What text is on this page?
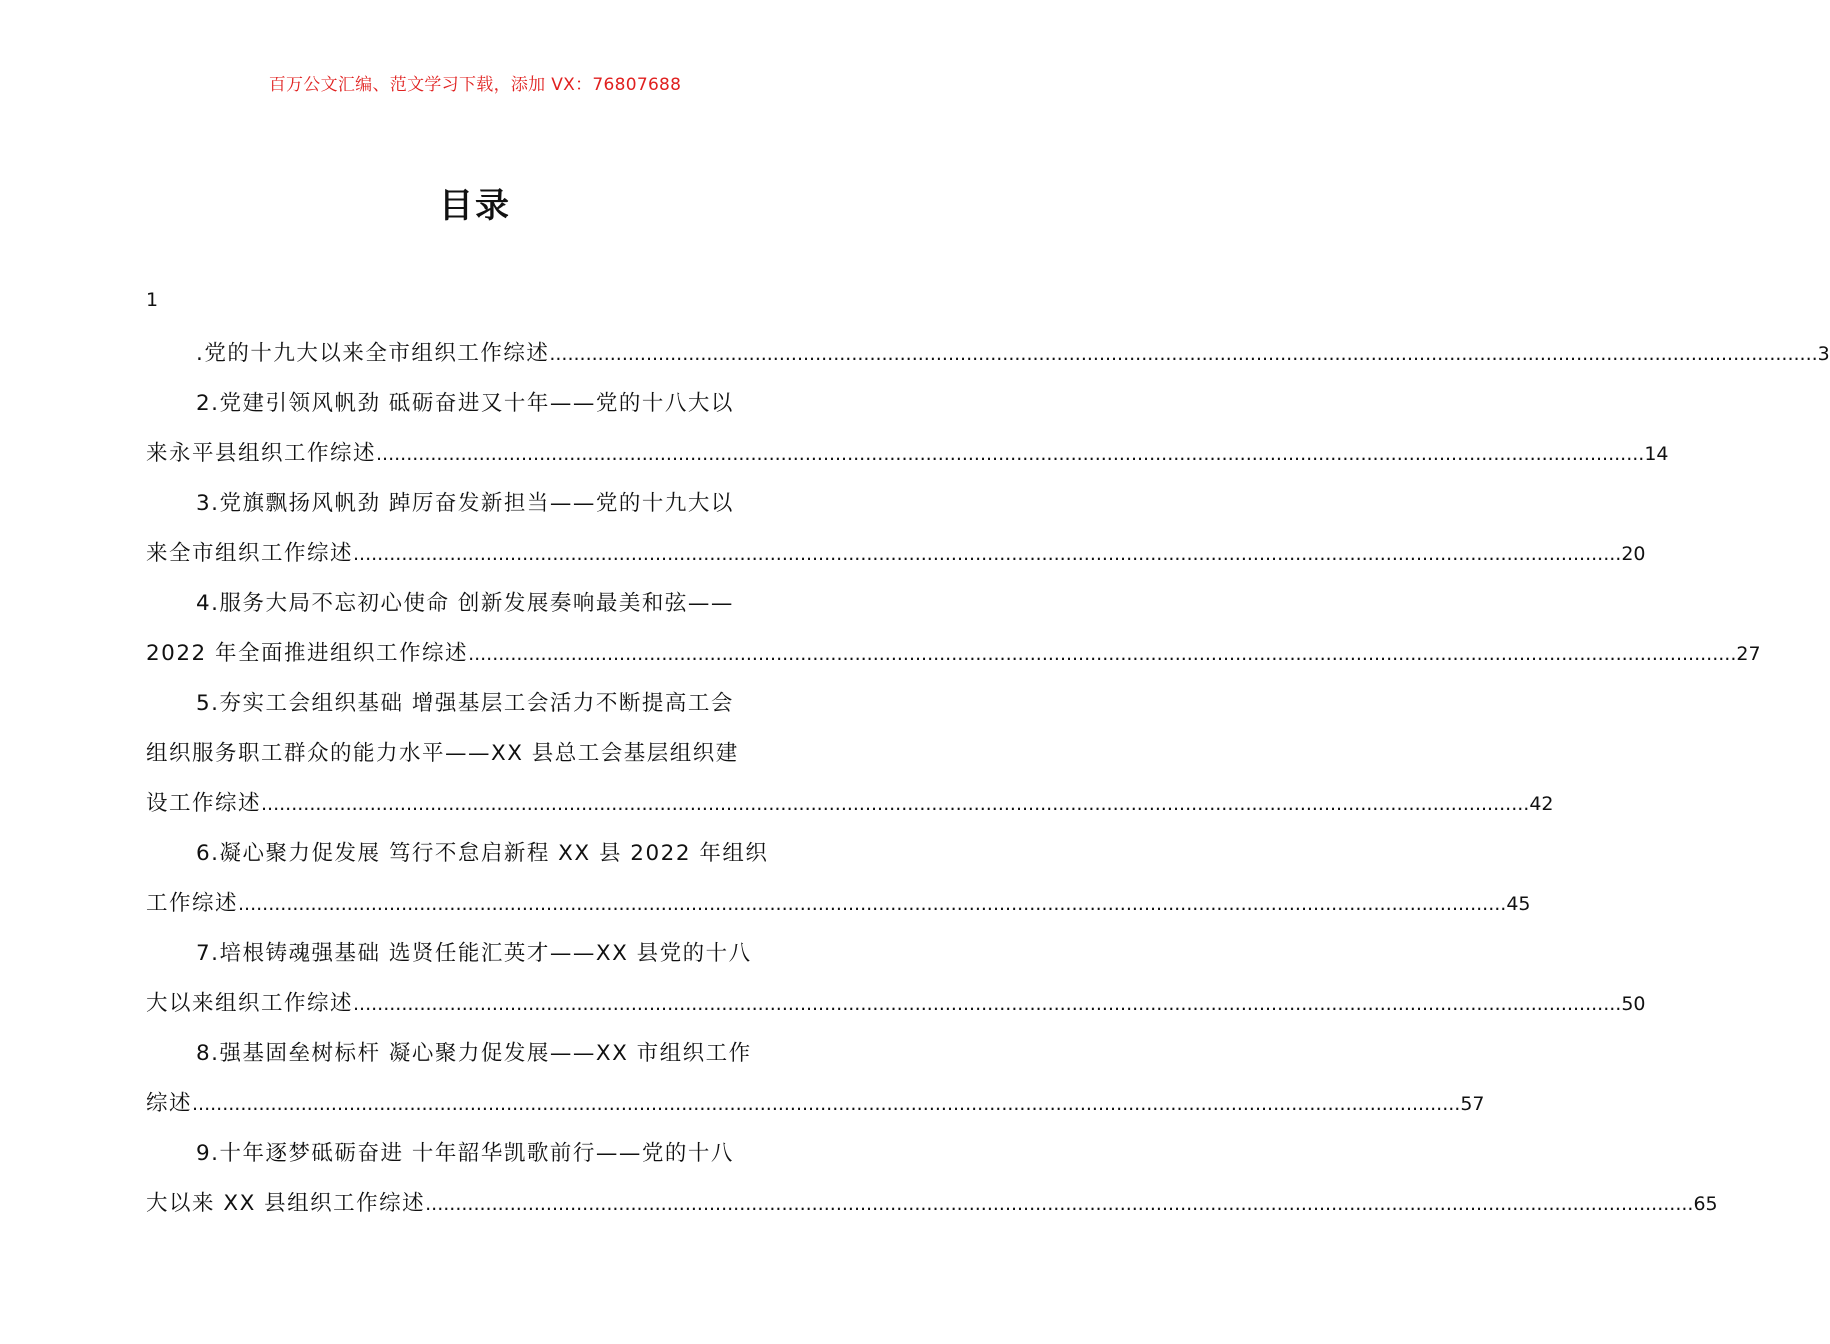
百万公文汇编、范文学习下载，添加 VX：76807688
目录
1
.党的十九大以来全市组织工作综述 .....	3
2.党建引领风帆劲 砥砺奋进又十年——党的十八大以
来永平县组织工作综述 .....	14
3.党旗飘扬风帆劲 踔厉奋发新担当——党的十九大以
来全市组织工作综述 .....	20
4.服务大局不忘初心使命 创新发展奏响最美和弦——
2022 年全面推进组织工作综述 .....	27
5.夯实工会组织基础 增强基层工会活力不断提高工会
组织服务职工群众的能力水平——XX 县总工会基层组织建
设工作综述 .....	42
6.凝心聚力促发展 笃行不怠启新程 XX 县 2022 年组织
工作综述 .....	45
7.培根铸魂强基础 选贤任能汇英才——XX 县党的十八
大以来组织工作综述 .....	50
8.强基固垒树标杆 凝心聚力促发展——XX 市组织工作
综述 .....	57
9.十年逐梦砥砺奋进 十年韶华凯歌前行——党的十八
大以来 XX 县组织工作综述 .....	65
